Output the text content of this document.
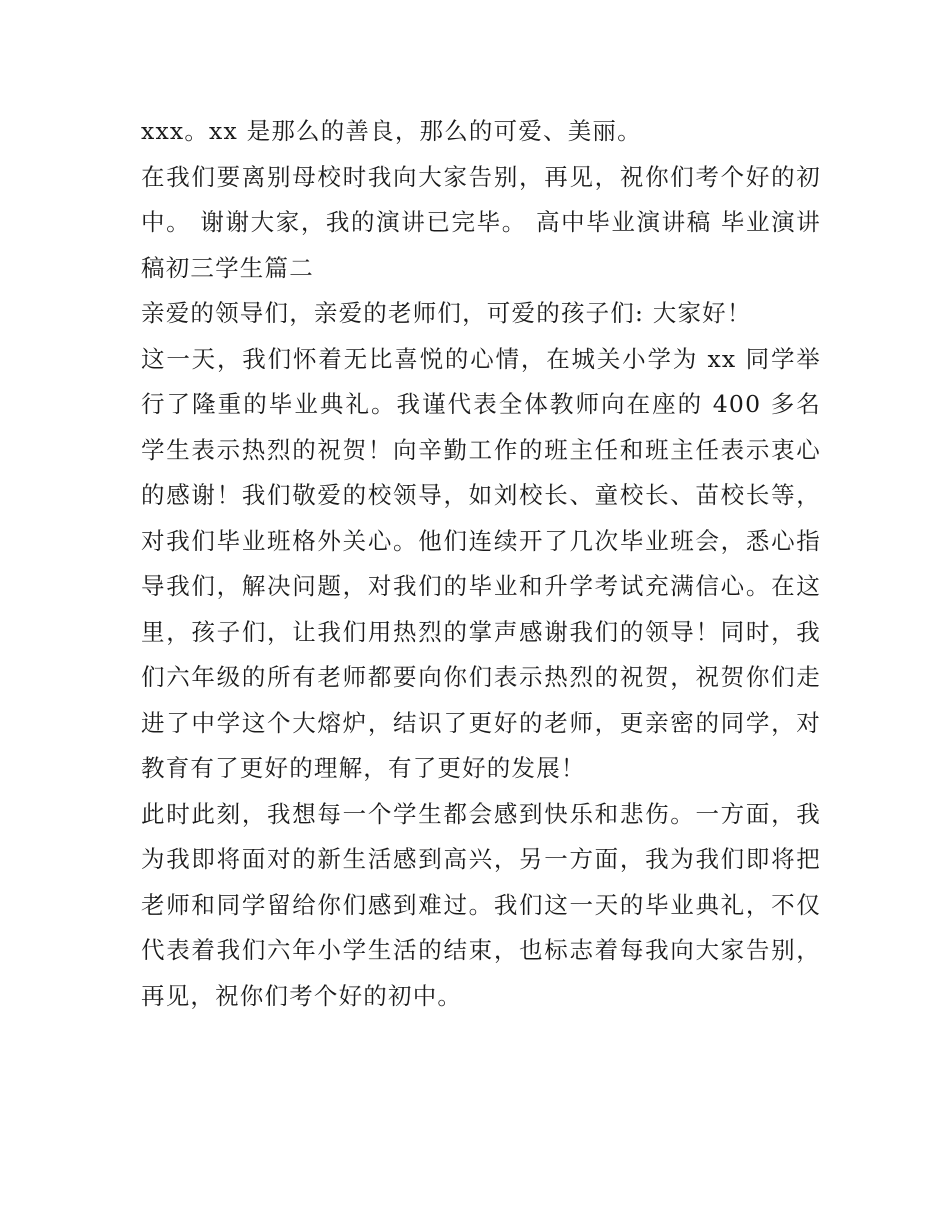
xxx。xx 是那么的善良，那么的可爱、美丽。

在我们要离别母校时我向大家告别，再见，祝你们考个好的初中。 谢谢大家，我的演讲已完毕。 高中毕业演讲稿 毕业演讲稿初三学生篇二

亲爱的领导们，亲爱的老师们，可爱的孩子们: 大家好！

这一天，我们怀着无比喜悦的心情，在城关小学为 xx 同学举行了隆重的毕业典礼。我谨代表全体教师向在座的 400 多名学生表示热烈的祝贺！向辛勤工作的班主任和班主任表示衷心的感谢！我们敬爱的校领导，如刘校长、童校长、苗校长等，对我们毕业班格外关心。他们连续开了几次毕业班会，悉心指导我们，解决问题，对我们的毕业和升学考试充满信心。在这里，孩子们，让我们用热烈的掌声感谢我们的领导！同时，我们六年级的所有老师都要向你们表示热烈的祝贺，祝贺你们走进了中学这个大熔炉，结识了更好的老师，更亲密的同学，对教育有了更好的理解，有了更好的发展！

此时此刻，我想每一个学生都会感到快乐和悲伤。一方面，我为我即将面对的新生活感到高兴，另一方面，我为我们即将把老师和同学留给你们感到难过。我们这一天的毕业典礼，不仅代表着我们六年小学生活的结束，也标志着每我向大家告别，再见，祝你们考个好的初中。
